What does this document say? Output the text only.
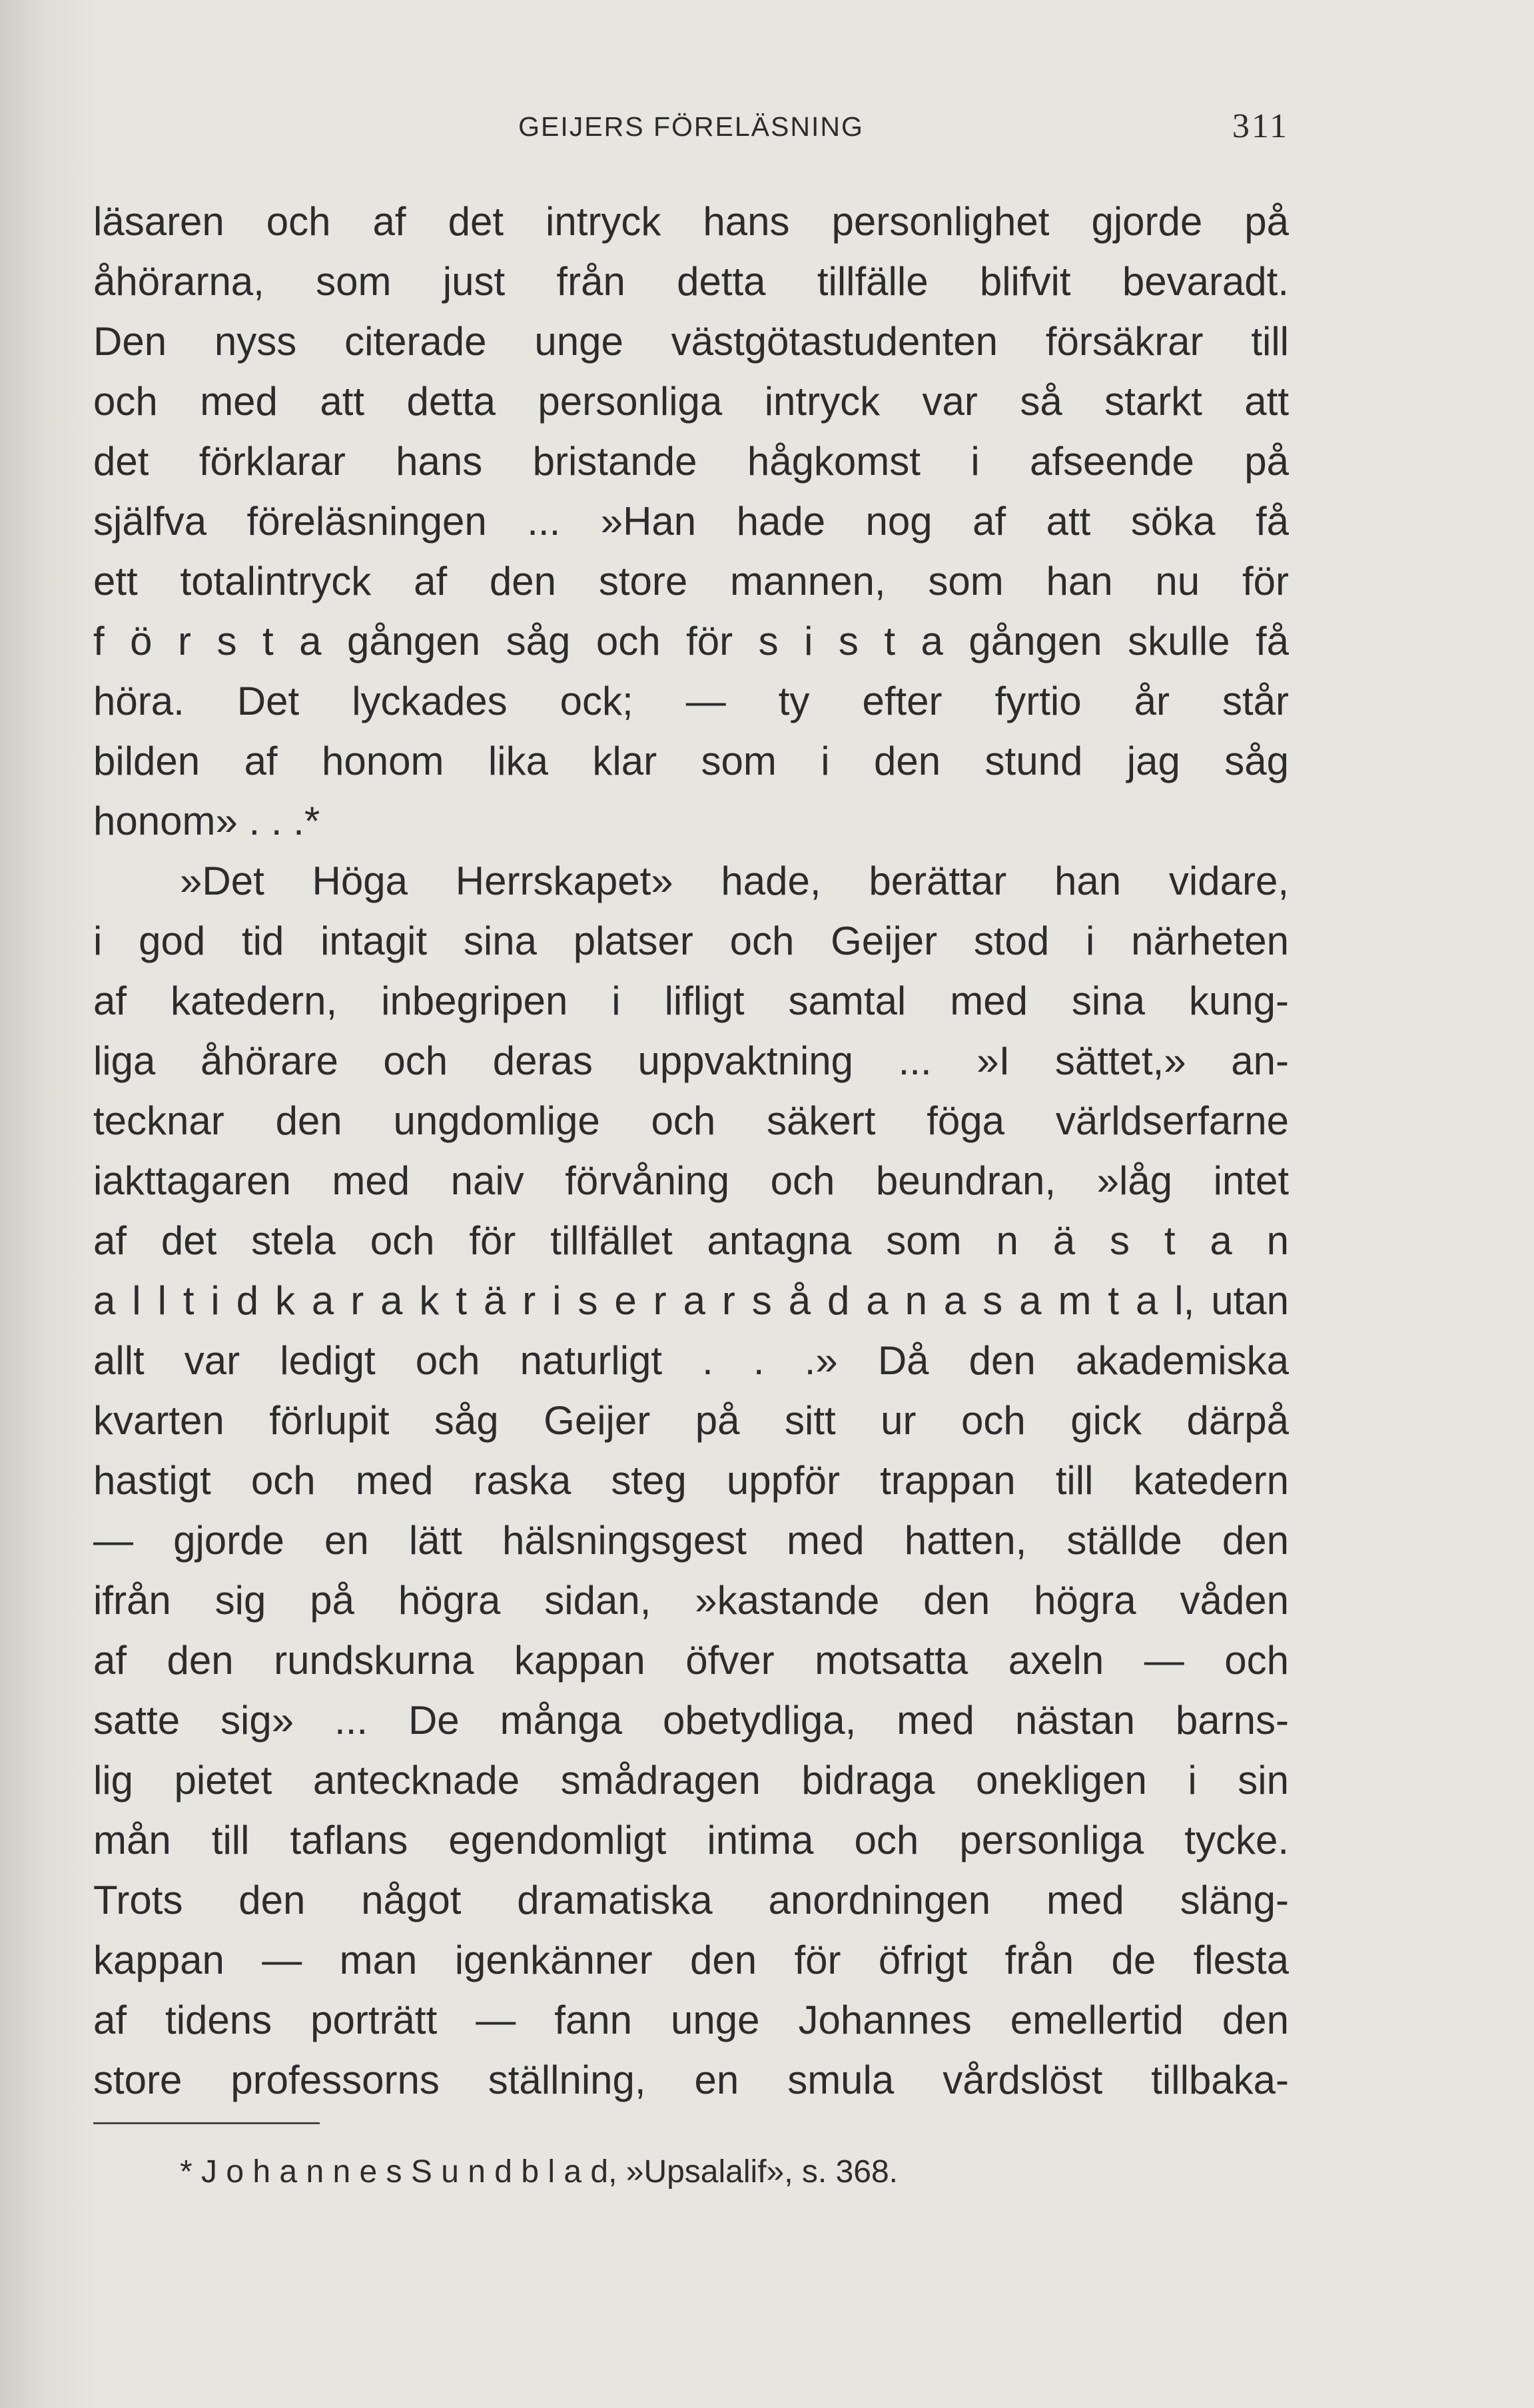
GEIJERS FÖRELÄSNING	311
läsaren och af det intryck hans personlighet gjorde på
åhörarna, som just från detta tillfälle blifvit bevaradt.
Den nyss citerade unge västgötastudenten försäkrar till
och med att detta personliga intryck var så starkt att
det förklarar hans bristande hågkomst i afseende på
själfva föreläsningen ... »Han hade nog af att söka få
ett totalintryck af den store mannen, som han nu för
f ö r s t a gången såg och för s i s t a gången skulle få
höra. Det lyckades ock; — ty efter fyrtio år står
bilden af honom lika klar som i den stund jag såg
honom» . . .*
»Det Höga Herrskapet» hade, berättar han vidare,
i god tid intagit sina platser och Geijer stod i närheten
af katedern, inbegripen i lifligt samtal med sina kung-
liga åhörare och deras uppvaktning ... »I sättet,» an-
tecknar den ungdomlige och säkert föga världserfarne
iakttagaren med naiv förvåning och beundran, »låg intet
af det stela och för tillfället antagna som n ä s t a n
a l l t i d k a r a k t ä r i s e r a r s å d a n a s a m t a l, utan
allt var ledigt och naturligt . . .» Då den akademiska
kvarten förlupit såg Geijer på sitt ur och gick därpå
hastigt och med raska steg uppför trappan till katedern
— gjorde en lätt hälsningsgest med hatten, ställde den
ifrån sig på högra sidan, »kastande den högra våden
af den rundskurna kappan öfver motsatta axeln — och
satte sig» ... De många obetydliga, med nästan barns-
lig pietet antecknade smådragen bidraga onekligen i sin
mån till taflans egendomligt intima och personliga tycke.
Trots den något dramatiska anordningen med släng-
kappan — man igenkänner den för öfrigt från de flesta
af tidens porträtt — fann unge Johannes emellertid den
store professorns ställning, en smula vårdslöst tillbaka-
* J o h a n n e s S u n d b l a d, »Upsalalif», s. 368.
